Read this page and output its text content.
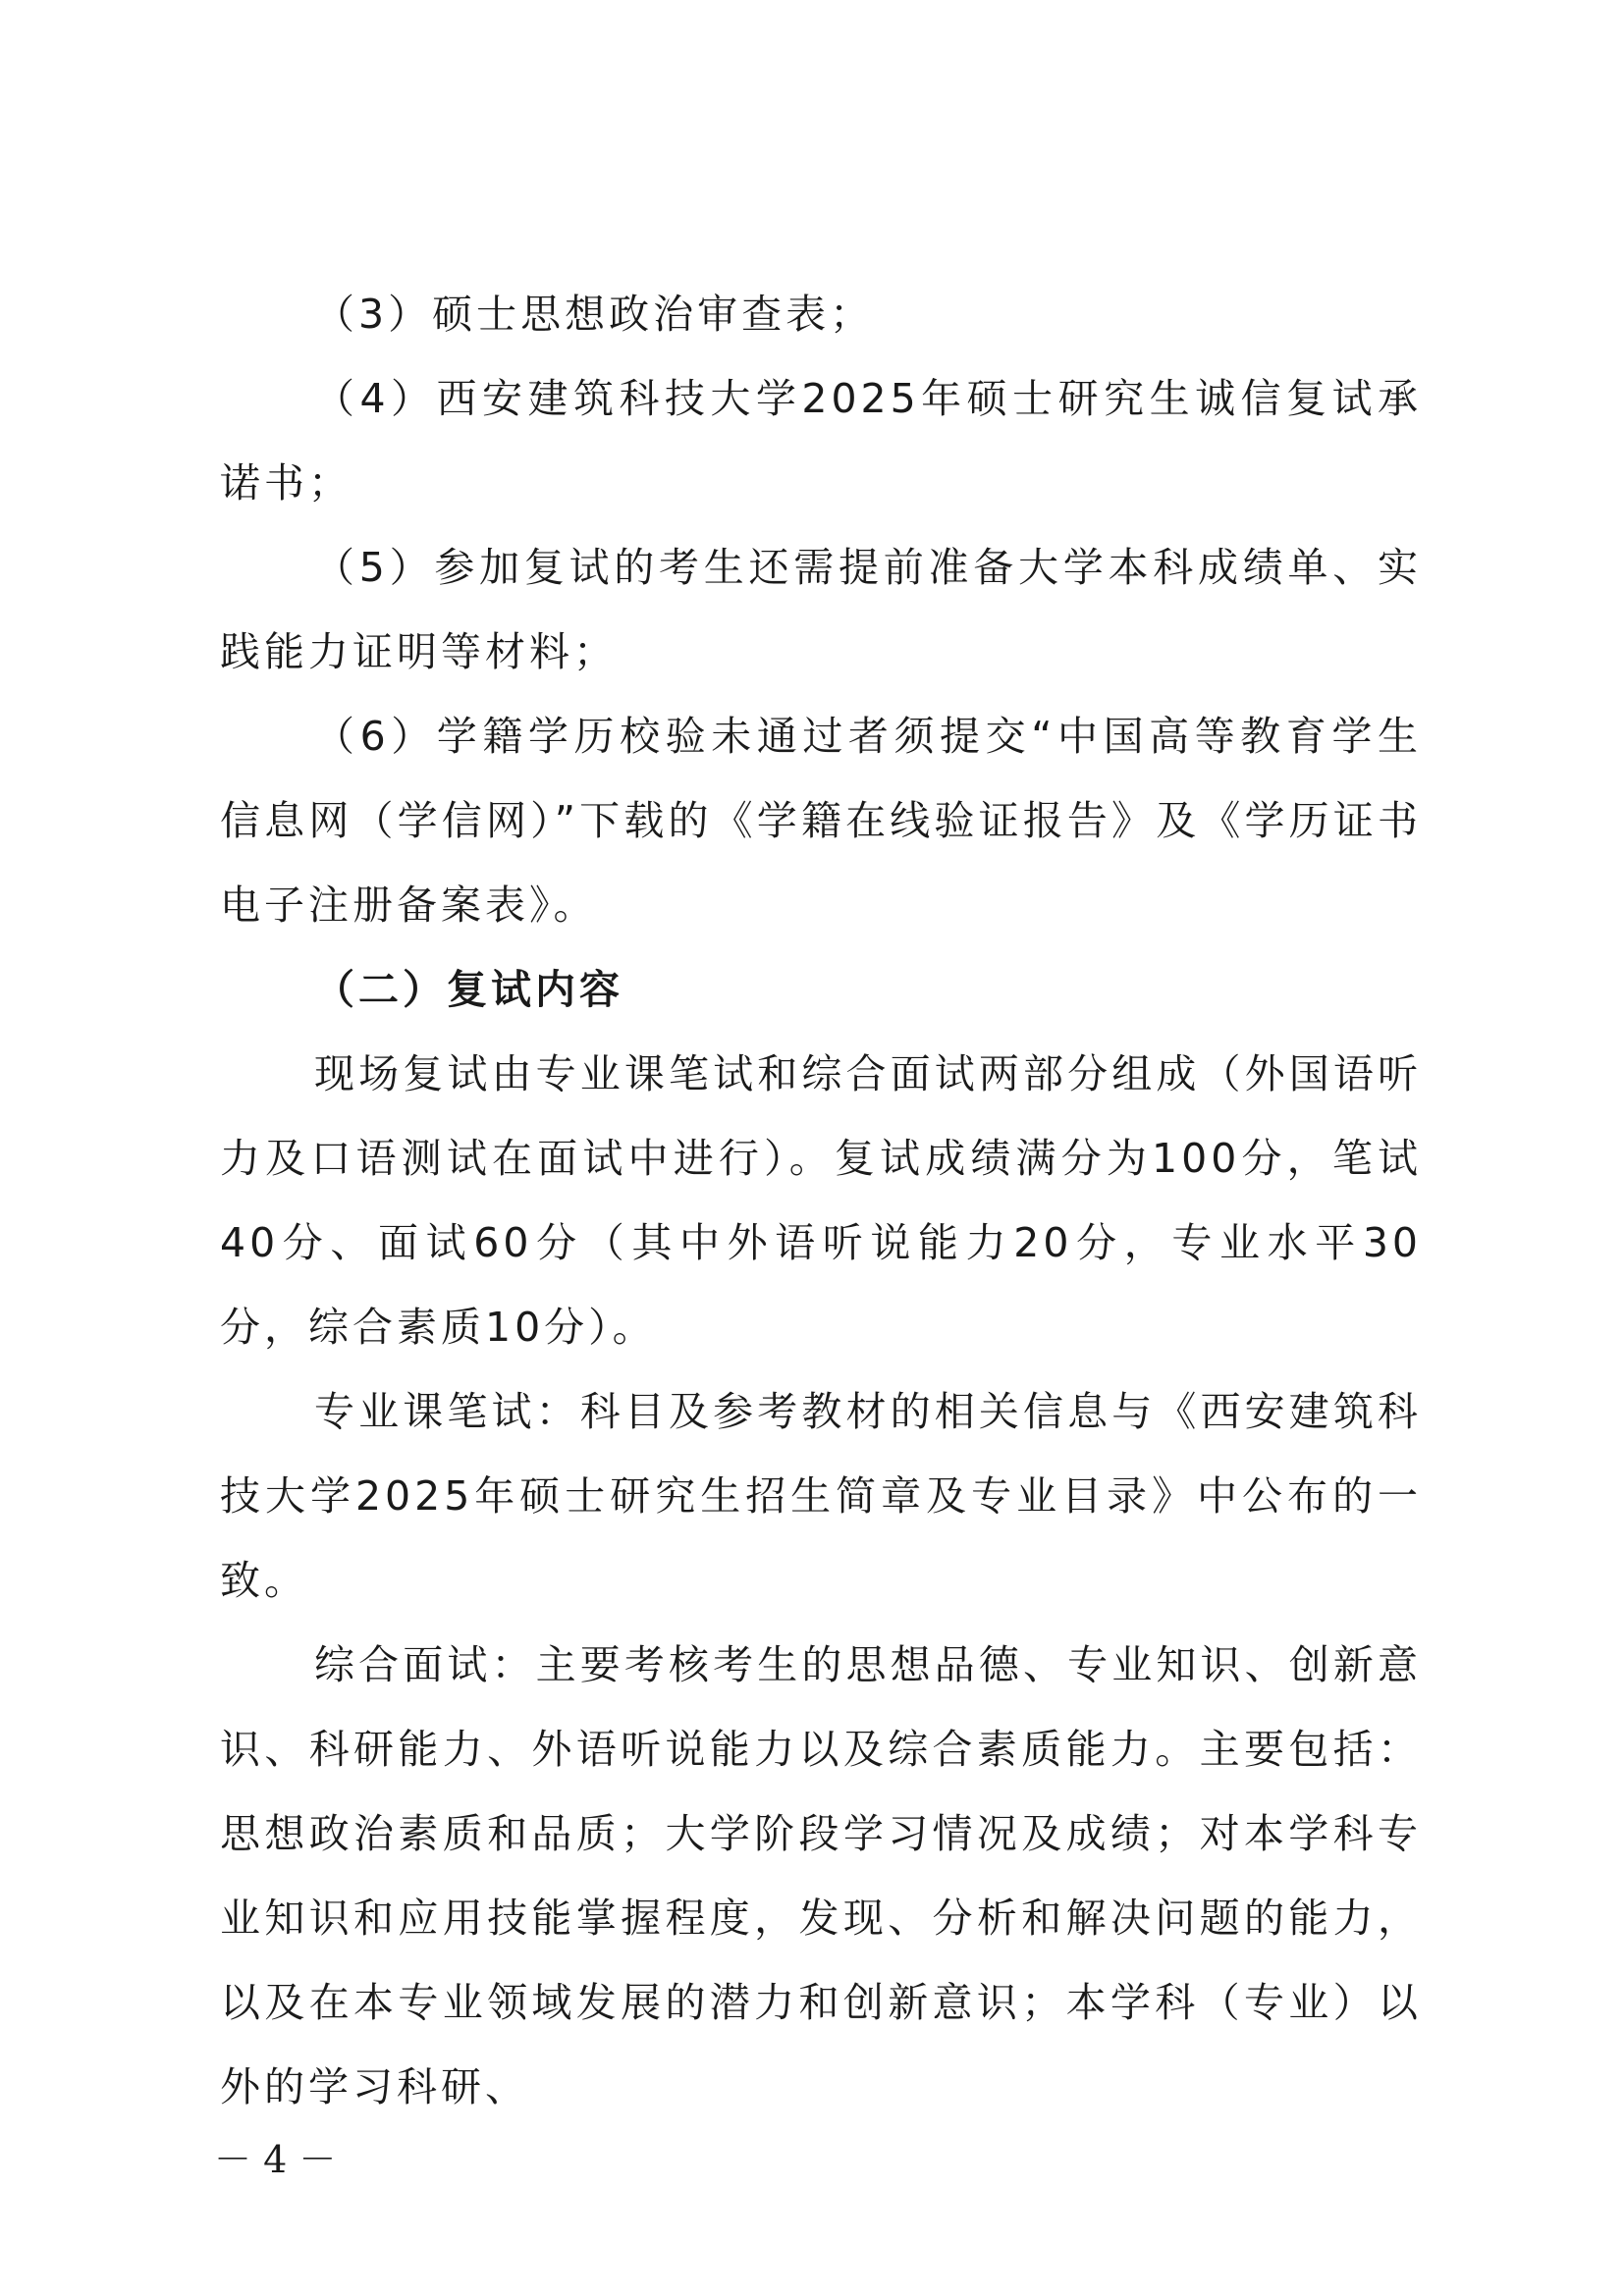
（3）硕士思想政治审查表；

（4）西安建筑科技大学2025年硕士研究生诚信复试承诺书；

（5）参加复试的考生还需提前准备大学本科成绩单、实践能力证明等材料；

（6）学籍学历校验未通过者须提交“中国高等教育学生信息网（学信网）”下载的《学籍在线验证报告》及《学历证书电子注册备案表》。

（二）复试内容

现场复试由专业课笔试和综合面试两部分组成（外国语听力及口语测试在面试中进行）。复试成绩满分为100分，笔试40分、面试60分（其中外语听说能力20分，专业水平30分，综合素质10分）。

专业课笔试：科目及参考教材的相关信息与《西安建筑科技大学2025年硕士研究生招生简章及专业目录》中公布的一致。

综合面试：主要考核考生的思想品德、专业知识、创新意识、科研能力、外语听说能力以及综合素质能力。主要包括：思想政治素质和品质；大学阶段学习情况及成绩；对本学科专业知识和应用技能掌握程度，发现、分析和解决问题的能力，以及在本专业领域发展的潜力和创新意识；本学科（专业）以外的学习科研、

－ 4 －
